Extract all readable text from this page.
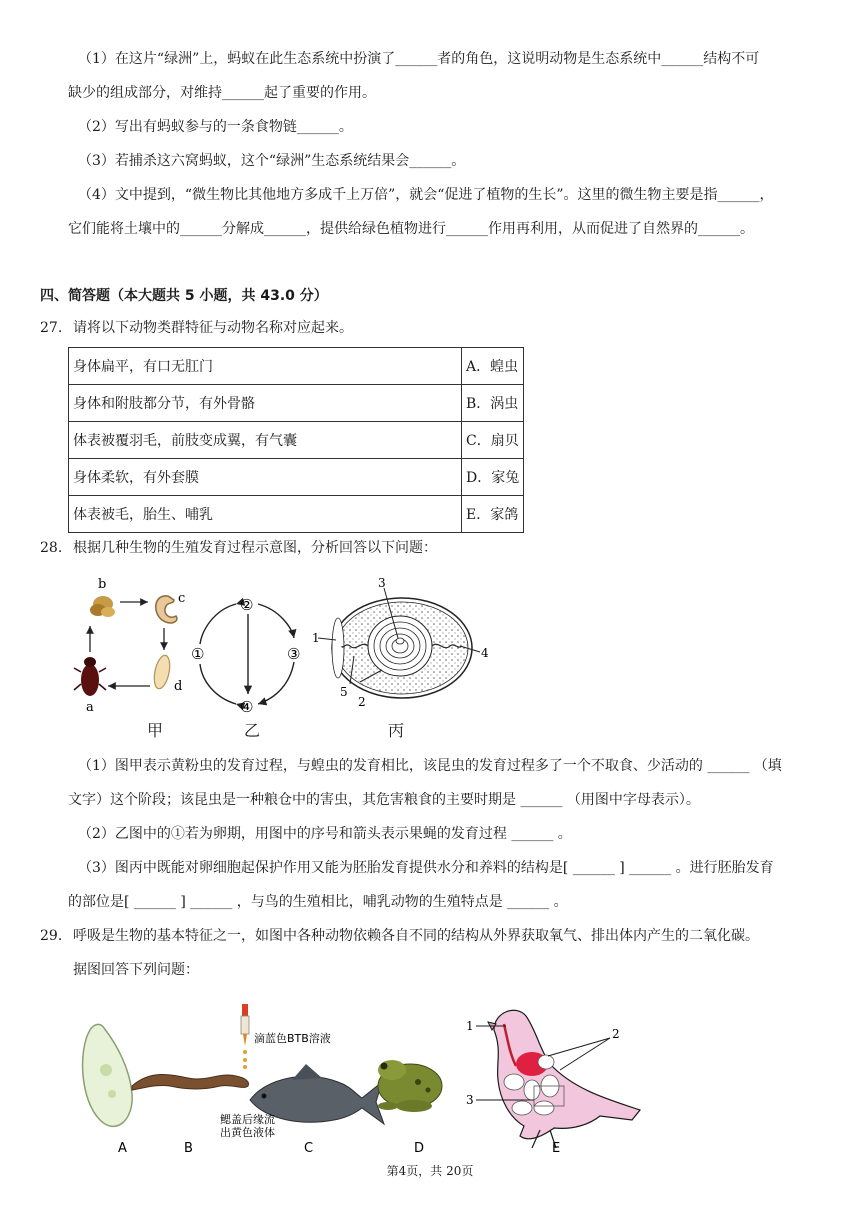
（1）在这片“绿洲”上，蚂蚁在此生态系统中扮演了______者的角色，这说明动物是生态系统中______结构不可
缺少的组成部分，对维持______起了重要的作用。
（2）写出有蚂蚁参与的一条食物链______。
（3）若捕杀这六窝蚂蚁，这个“绿洲”生态系统结果会______。
（4）文中提到，“微生物比其他地方多成千上万倍”，就会“促进了植物的生长”。这里的微生物主要是指______，
它们能将土壤中的______分解成______，提供给绿色植物进行______作用再利用，从而促进了自然界的______。
四、简答题（本大题共 5 小题，共 43.0 分）
27. 请将以下动物类群特征与动物名称对应起来。
身体扁平，有口无肛门	A．蝗虫
身体和附肢都分节，有外骨骼	B．涡虫
体表被覆羽毛，前肢变成翼，有气囊	C．扇贝
身体柔软，有外套膜	D．家兔
体表被毛，胎生、哺乳	E．家鸽
28. 根据几种生物的生殖发育过程示意图，分析回答以下问题：
b
c
d
a
甲
②
①	③
④
乙
1
3
4
5
2
丙
（1）图甲表示黄粉虫的发育过程，与蝗虫的发育相比，该昆虫的发育过程多了一个不取食、少活动的 ______ （填
文字）这个阶段；该昆虫是一种粮仓中的害虫，其危害粮食的主要时期是 ______ （用图中字母表示）。
（2）乙图中的①若为卵期，用图中的序号和箭头表示果蝇的发育过程 ______ 。
（3）图丙中既能对卵细胞起保护作用又能为胚胎发育提供水分和养料的结构是[ ______ ] ______ 。进行胚胎发育
的部位是[ ______ ] ______ ，与鸟的生殖相比，哺乳动物的生殖特点是 ______ 。
29. 呼吸是生物的基本特征之一，如图中各种动物依赖各自不同的结构从外界获取氧气、排出体内产生的二氧化碳。
据图回答下列问题：
滴蓝色BTB溶液
鳃盖后缘流
出黄色液体
1
2
3
A	B	C	D	E
第4页，共 20页
